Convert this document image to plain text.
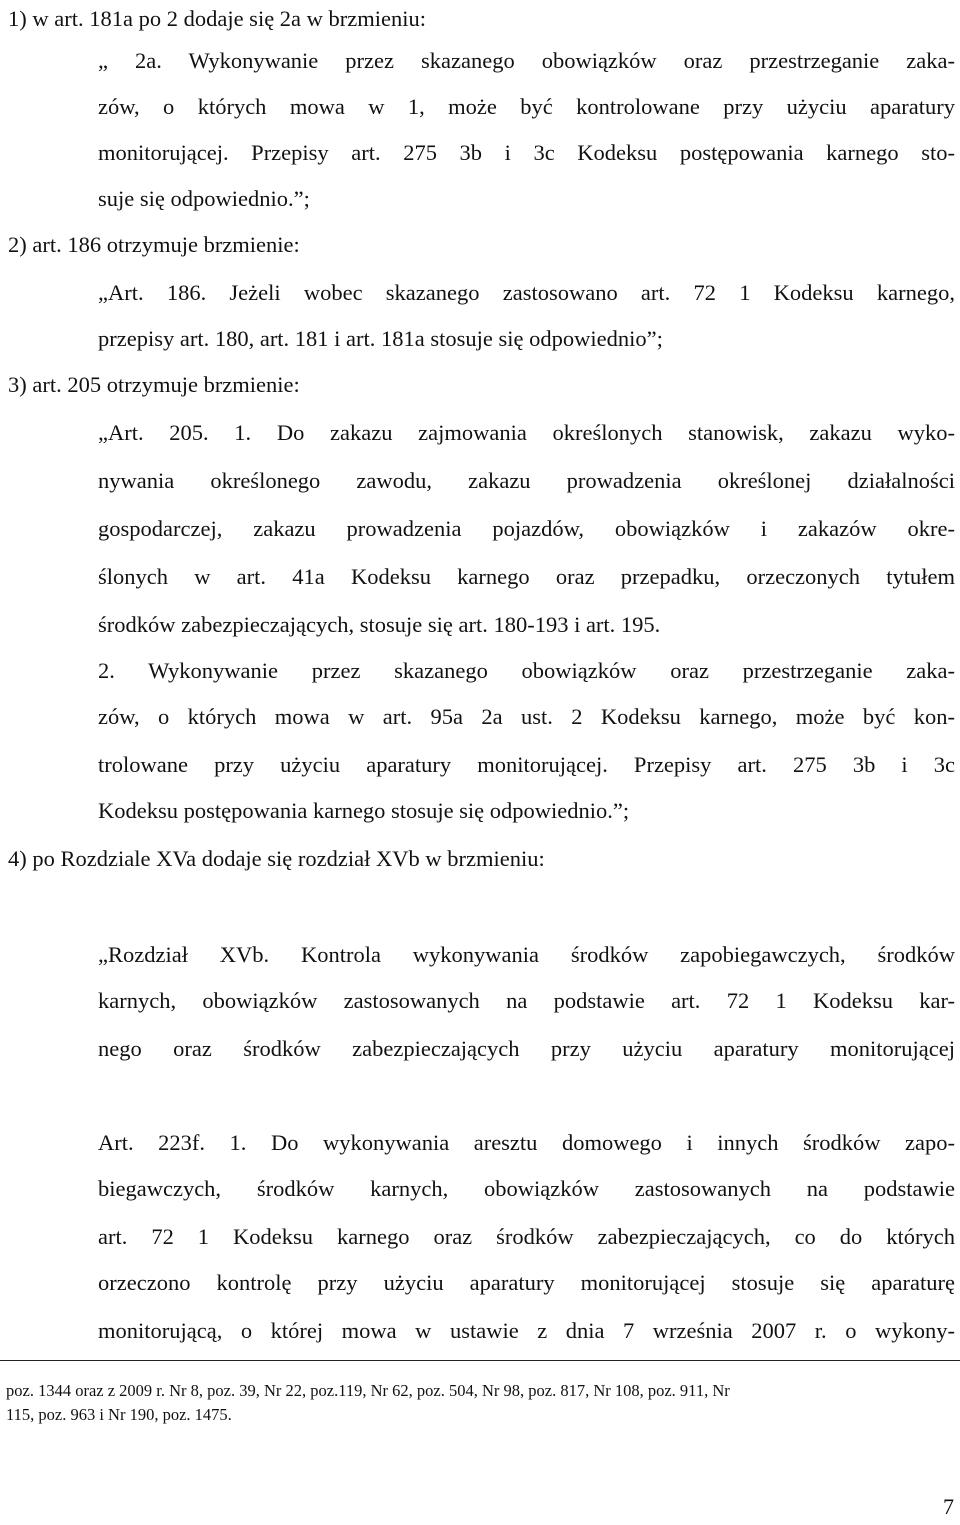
1) w art. 181a po 2 dodaje się 2a w brzmieniu:
„ 2a. Wykonywanie przez skazanego obowiązków oraz przestrzeganie zaka-
zów, o których mowa w 1, może być kontrolowane przy użyciu aparatury
monitorującej. Przepisy art. 275 3b i 3c Kodeksu postępowania karnego sto-
suje się odpowiednio.”;
2) art. 186 otrzymuje brzmienie:
„Art. 186. Jeżeli wobec skazanego zastosowano art. 72 1 Kodeksu karnego,
przepisy art. 180, art. 181 i art. 181a stosuje się odpowiednio”;
3) art. 205 otrzymuje brzmienie:
„Art. 205. 1. Do zakazu zajmowania określonych stanowisk, zakazu wyko-
nywania określonego zawodu, zakazu prowadzenia określonej działalności
gospodarczej, zakazu prowadzenia pojazdów, obowiązków i zakazów okre-
ślonych w art. 41a Kodeksu karnego oraz przepadku, orzeczonych tytułem
środków zabezpieczających, stosuje się art. 180-193 i art. 195.
2. Wykonywanie przez skazanego obowiązków oraz przestrzeganie zaka-
zów, o których mowa w art. 95a 2a ust. 2 Kodeksu karnego, może być kon-
trolowane przy użyciu aparatury monitorującej. Przepisy art. 275 3b i 3c
Kodeksu postępowania karnego stosuje się odpowiednio.”;
4) po Rozdziale XVa dodaje się rozdział XVb w brzmieniu:
„Rozdział XVb. Kontrola wykonywania środków zapobiegawczych, środków
karnych, obowiązków zastosowanych na podstawie art. 72 1 Kodeksu kar-
nego oraz środków zabezpieczających przy użyciu aparatury monitorującej
Art. 223f. 1. Do wykonywania aresztu domowego i innych środków zapo-
biegawczych, środków karnych, obowiązków zastosowanych na podstawie
art. 72 1 Kodeksu karnego oraz środków zabezpieczających, co do których
orzeczono kontrolę przy użyciu aparatury monitorującej stosuje się aparaturę
monitorującą, o której mowa w ustawie z dnia 7 września 2007 r. o wykony-
poz. 1344 oraz z 2009 r. Nr 8, poz. 39, Nr 22, poz.119, Nr 62, poz. 504, Nr 98, poz. 817, Nr 108, poz. 911, Nr
115, poz. 963 i Nr 190, poz. 1475.
7
